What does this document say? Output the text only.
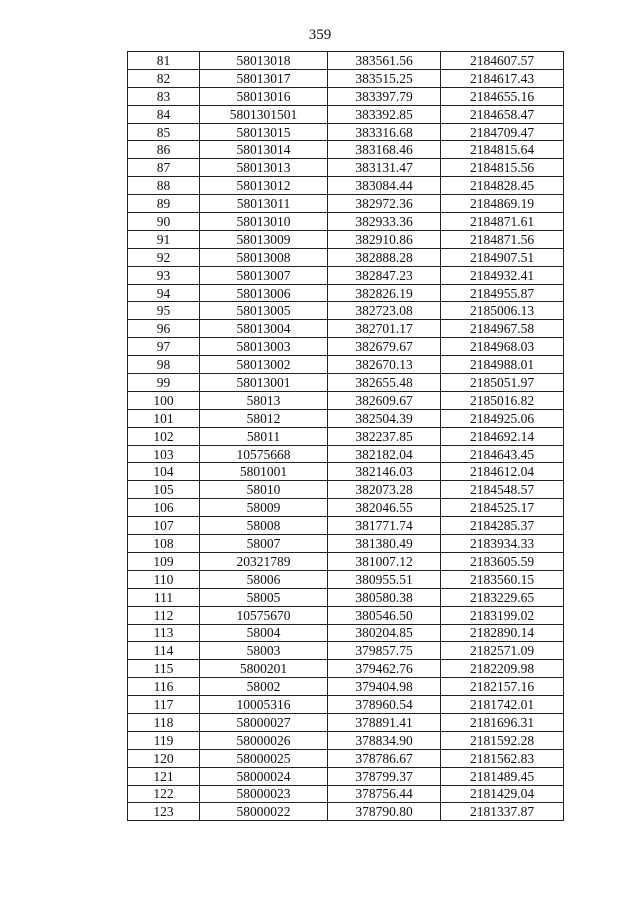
359
81	58013018	383561.56	2184607.57
82	58013017	383515.25	2184617.43
83	58013016	383397.79	2184655.16
84	5801301501	383392.85	2184658.47
85	58013015	383316.68	2184709.47
86	58013014	383168.46	2184815.64
87	58013013	383131.47	2184815.56
88	58013012	383084.44	2184828.45
89	58013011	382972.36	2184869.19
90	58013010	382933.36	2184871.61
91	58013009	382910.86	2184871.56
92	58013008	382888.28	2184907.51
93	58013007	382847.23	2184932.41
94	58013006	382826.19	2184955.87
95	58013005	382723.08	2185006.13
96	58013004	382701.17	2184967.58
97	58013003	382679.67	2184968.03
98	58013002	382670.13	2184988.01
99	58013001	382655.48	2185051.97
100	58013	382609.67	2185016.82
101	58012	382504.39	2184925.06
102	58011	382237.85	2184692.14
103	10575668	382182.04	2184643.45
104	5801001	382146.03	2184612.04
105	58010	382073.28	2184548.57
106	58009	382046.55	2184525.17
107	58008	381771.74	2184285.37
108	58007	381380.49	2183934.33
109	20321789	381007.12	2183605.59
110	58006	380955.51	2183560.15
111	58005	380580.38	2183229.65
112	10575670	380546.50	2183199.02
113	58004	380204.85	2182890.14
114	58003	379857.75	2182571.09
115	5800201	379462.76	2182209.98
116	58002	379404.98	2182157.16
117	10005316	378960.54	2181742.01
118	58000027	378891.41	2181696.31
119	58000026	378834.90	2181592.28
120	58000025	378786.67	2181562.83
121	58000024	378799.37	2181489.45
122	58000023	378756.44	2181429.04
123	58000022	378790.80	2181337.87
